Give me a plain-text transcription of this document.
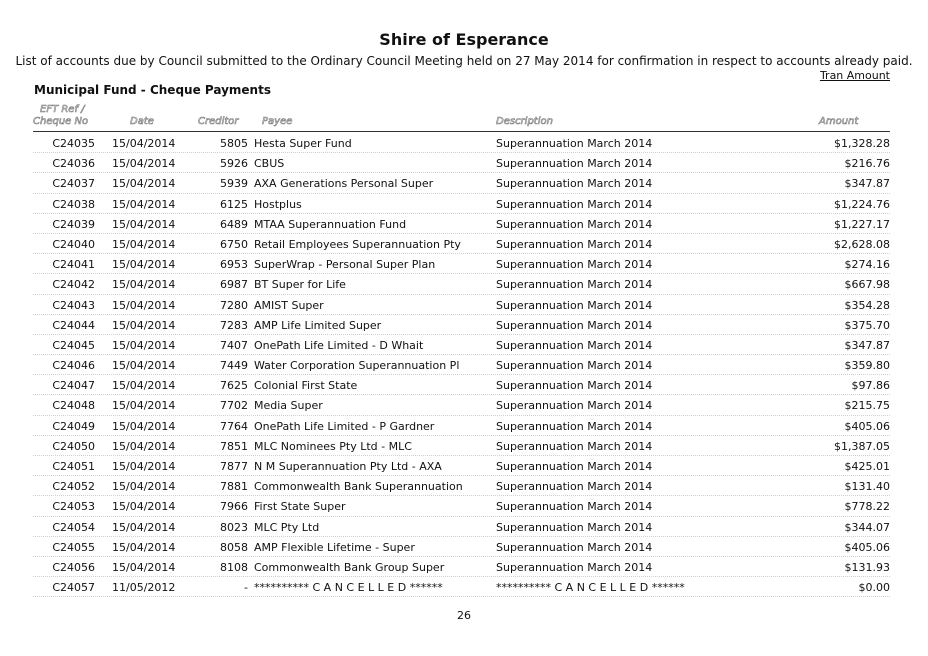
Shire of Esperance
List of accounts due by Council submitted to the Ordinary Council Meeting held on 27 May 2014 for confirmation in respect to accounts already paid.
Tran Amount
Municipal Fund - Cheque Payments
EFT Ref /
Cheque No	Date	Creditor Payee	Description	Amount
C24035 15/04/2014	5805 Hesta Super Fund	Superannuation March 2014	$1,328.28
C24036 15/04/2014	5926 CBUS	Superannuation March 2014	$216.76
C24037 15/04/2014	5939 AXA Generations Personal Super	Superannuation March 2014	$347.87
C24038 15/04/2014	6125 Hostplus	Superannuation March 2014	$1,224.76
C24039 15/04/2014	6489 MTAA Superannuation Fund	Superannuation March 2014	$1,227.17
C24040 15/04/2014	6750 Retail Employees Superannuation Pty	Superannuation March 2014	$2,628.08
C24041 15/04/2014	6953 SuperWrap - Personal Super Plan	Superannuation March 2014	$274.16
C24042 15/04/2014	6987 BT Super for Life	Superannuation March 2014	$667.98
C24043 15/04/2014	7280 AMIST Super	Superannuation March 2014	$354.28
C24044 15/04/2014	7283 AMP Life Limited Super	Superannuation March 2014	$375.70
C24045 15/04/2014	7407 OnePath Life Limited - D Whait	Superannuation March 2014	$347.87
C24046 15/04/2014	7449 Water Corporation Superannuation Pl	Superannuation March 2014	$359.80
C24047 15/04/2014	7625 Colonial First State	Superannuation March 2014	$97.86
C24048 15/04/2014	7702 Media Super	Superannuation March 2014	$215.75
C24049 15/04/2014	7764 OnePath Life Limited - P Gardner	Superannuation March 2014	$405.06
C24050 15/04/2014	7851 MLC Nominees Pty Ltd - MLC	Superannuation March 2014	$1,387.05
C24051 15/04/2014	7877 N M Superannuation Pty Ltd - AXA	Superannuation March 2014	$425.01
C24052 15/04/2014	7881 Commonwealth Bank Superannuation	Superannuation March 2014	$131.40
C24053 15/04/2014	7966 First State Super	Superannuation March 2014	$778.22
C24054 15/04/2014	8023 MLC Pty Ltd	Superannuation March 2014	$344.07
C24055 15/04/2014	8058 AMP Flexible Lifetime - Super	Superannuation March 2014	$405.06
C24056 15/04/2014	8108 Commonwealth Bank Group Super	Superannuation March 2014	$131.93
C24057 11/05/2012	- ********** C A N C E L L E D ******	********** C A N C E L L E D ******	$0.00
26
